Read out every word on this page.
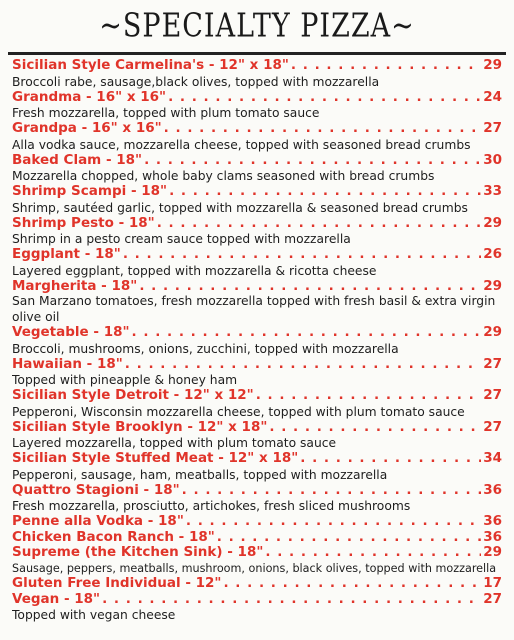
~SPECIALTY PIZZA~
Sicilian Style Carmelina's - 12" x 18" . . .	29
Broccoli rabe, sausage,black olives, topped with mozzarella
Grandma - 16" x 16" . . .	24
Fresh mozzarella, topped with plum tomato sauce
Grandpa - 16" x 16" . . .	27
Alla vodka sauce, mozzarella cheese, topped with seasoned bread crumbs
Baked Clam - 18" . . .	30
Mozzarella chopped, whole baby clams seasoned with bread crumbs
Shrimp Scampi - 18" . . .	33
Shrimp, sautéed garlic, topped with mozzarella & seasoned bread crumbs
Shrimp Pesto - 18" . . .	29
Shrimp in a pesto cream sauce topped with mozzarella
Eggplant - 18" . . .	26
Layered eggplant, topped with mozzarella & ricotta cheese
Margherita - 18" . . .	29
San Marzano tomatoes, fresh mozzarella topped with fresh basil & extra virgin olive oil
Vegetable - 18" . . .	29
Broccoli, mushrooms, onions, zucchini, topped with mozzarella
Hawaiian - 18" . . .	27
Topped with pineapple & honey ham
Sicilian Style Detroit - 12" x 12" . . .	27
Pepperoni, Wisconsin mozzarella cheese, topped with plum tomato sauce
Sicilian Style Brooklyn - 12" x 18" . . .	27
Layered mozzarella, topped with plum tomato sauce
Sicilian Style Stuffed Meat - 12" x 18" . . .	34
Pepperoni, sausage, ham, meatballs, topped with mozzarella
Quattro Stagioni - 18" . . .	36
Fresh mozzarella, prosciutto, artichokes, fresh sliced mushrooms
Penne alla Vodka - 18" . . .	36
Chicken Bacon Ranch - 18" . . .	36
Supreme (the Kitchen Sink) - 18" . . .	29
Sausage, peppers, meatballs, mushroom, onions, black olives, topped with mozzarella
Gluten Free Individual - 12" . . .	17
Vegan - 18" . . .	27
Topped with vegan cheese
